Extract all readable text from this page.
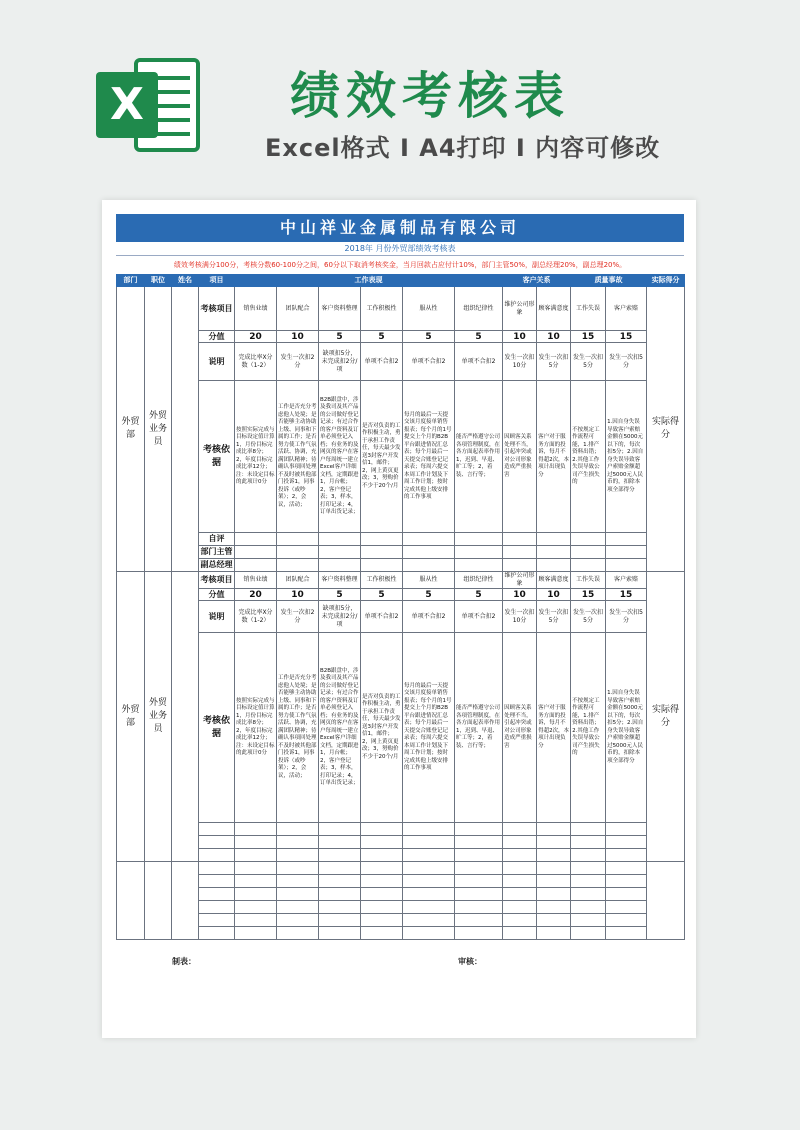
X	绩效考核表
Excel格式 I A4打印 I 内容可修改
中山祥业金属制品有限公司
2018年 月份外贸部绩效考核表
绩效考核满分100分，考核分数60-100分之间，60分以下取消考核奖金，当月回款占应付计10%，部门主管50%，副总经理20%，副总理20%。
部门	职位	姓名	项目	工作表现						客户关系		质量事故		实际得分
外贸部	外贸业务员		考核项目	销售业绩	团队配合	客户资料整理	工作积极性	服从性	组织纪律性	维护公司形象	顾客满意度	工作失误	客户索赔	实际得分
			分值	20	10	5	5	5	5	10	10	15	15	
			说明	完成比率X分数（1-2）	发生一次扣2分	缺项扣5分，未完成扣2分/项	单项不合扣2	单项不合扣2	单项不合扣2	发生一次扣10分	发生一次扣5分	发生一次扣5分	发生一次扣5分	
			考核依据	按照实际完成与目标设定值计算1，月份目标完成比率8分；2，年度目标完成比率12分；注：未设定目标的此项计0分	工作是否充分考虑他人处境；是否能够主动协助上级、同事和下属的工作；是否努力使工作气氛活跃、协调，充满团队精神；待确认事项回处理不及时被其他部门投诉1，同事投诉（或吵架）；2，会议，活动；	B2B跟盘中，涉及我司及其产品的公司做好登记记录；有过合作的客户资料及订单必须登记入档；有业务的及网页的客户在客户每周统一建立Excel客户详细文档，定期跟进1，月台帐；2，客户登记表；3，样本，打印记录；4，订单出货记录；	是否对负责的工作积极主动，勇于承担工作责任，每天最少发送3封客户开发信1，邮件；2，网上黄页更改；3，努购价不少于20个/月	每月的最后一天提交该月度接单销售报表；每个月的1号提交上个月的B2B平台跟进情况汇总表；每个月最后一天提交合账登记记录表；每周六提交本周工作计划及下周工作计划；按时完成其他上级安排的工作事项	能否严格遵守公司各项管理制度，在各方面起表率作用1，迟到、早退、旷工等；2，着装、言行等；	因顾客关系处理不当，引起冲突或对公司形象造成严重损害	客户对于服务方面的投诉，每月不得超2次，本项计出现负分	不按规定工作流程可能，1.排产资料出错；2.其他工作失误导致公司产生损失的	1.因自身失误导致客户索赔金额在5000元以下的，每次扣5分；2.因自身失误导致客户索赔金额超过5000元人民币的，扣除本项全部得分	
			自评											
			部门主管											
			副总经理											
外贸部	外贸业务员		考核项目	销售业绩	团队配合	客户资料整理	工作积极性	服从性	组织纪律性	维护公司形象	顾客满意度	工作失误	客户索赔	实际得分
			分值	20	10	5	5	5	5	10	10	15	15	
			说明	完成比率X分数（1-2）	发生一次扣2分	缺项扣5分，未完成扣2分/项	单项不合扣2	单项不合扣2	单项不合扣2	发生一次扣10分	发生一次扣5分	发生一次扣5分	发生一次扣5分	
			考核依据	按照实际完成与目标设定值计算1，月份目标完成比率8分；2，年度目标完成比率12分；注：未设定目标的此项计0分	工作是否充分考虑他人处境；是否能够主动协助上级、同事和下属的工作；是否努力使工作气氛活跃、协调，充满团队精神；待确认事项回处理不及时被其他部门投诉1，同事投诉（或吵架）；2，会议，活动；	B2B跟盘中，涉及我司及其产品的公司做好登记记录；有过合作的客户资料及订单必须登记入档；有业务的及网页的客户在客户每周统一建立Excel客户详细文档，定期跟进1，月台帐；2，客户登记表；3，样本，打印记录；4，订单出货记录；	是否对负责的工作积极主动，勇于承担工作责任，每天最少发送3封客户开发信1，邮件；2，网上黄页更改；3，努购价不少于20个/月	每月的最后一天提交该月度接单销售报表；每个月的1号提交上个月的B2B平台跟进情况汇总表；每个月最后一天提交合账登记记录表；每周六提交本周工作计划及下周工作计划；按时完成其他上级安排的工作事项	能否严格遵守公司各项管理制度，在各方面起表率作用1，迟到、早退、旷工等；2，着装、言行等；	因顾客关系处理不当，引起冲突或对公司形象造成严重损害	客户对于服务方面的投诉，每月不得超2次，本项计出现负分	不按规定工作流程可能，1.排产资料出错；2.其他工作失误导致公司产生损失的	1.因自身失误导致客户索赔金额在5000元以下的，每次扣5分；2.因自身失误导致客户索赔金额超过5000元人民币的，扣除本项全部得分	

制表：	审核：
